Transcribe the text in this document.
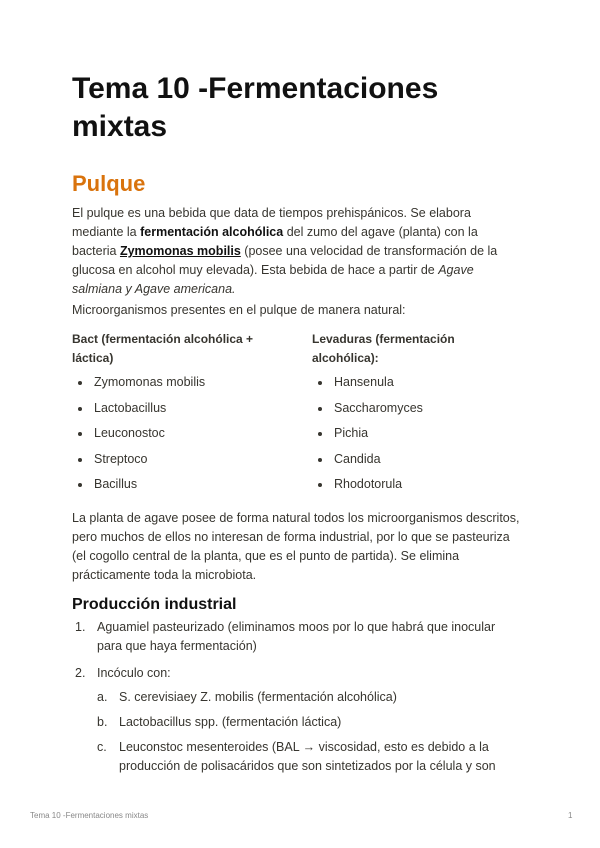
Tema 10 -Fermentaciones mixtas
Pulque

El pulque es una bebida que data de tiempos prehispánicos. Se elabora mediante la fermentación alcohólica del zumo del agave (planta) con la bacteria Zymomonas mobilis (posee una velocidad de transformación de la glucosa en alcohol muy elevada). Esta bebida de hace a partir de Agave salmiana y Agave americana.

Microorganismos presentes en el pulque de manera natural:

Bact (fermentación alcohólica + láctica)
Levaduras (fermentación alcohólica):
Zymomonas mobilis
Lactobacillus
Leuconostoc
Streptoco
Bacillus
Hansenula
Saccharomyces
Pichia
Candida
Rhodotorula

La planta de agave posee de forma natural todos los microorganismos descritos, pero muchos de ellos no interesan de forma industrial, por lo que se pasteuriza (el cogollo central de la planta, que es el punto de partida). Se elimina prácticamente toda la microbiota.

Producción industrial
1. Aguamiel pasteurizado (eliminamos moos por lo que habrá que inocular para que haya fermentación)
2. Incóculo con:
a. S. cerevisiaey Z. mobilis (fermentación alcohólica)
b. Lactobacillus spp. (fermentación láctica)
c. Leuconstoc mesenteroides (BAL → viscosidad, esto es debido a la producción de polisacáridos que son sintetizados por la célula y son
Tema 10 -Fermentaciones mixtas	1
